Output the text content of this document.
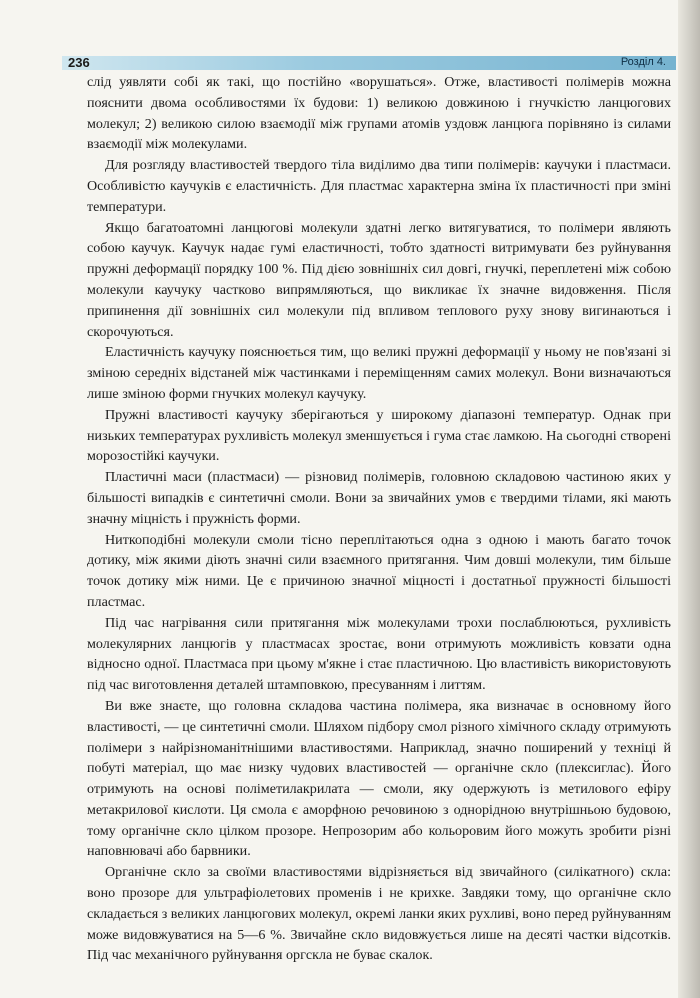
236	Розділ 4.

слід уявляти собі як такі, що постійно «ворушаться». Отже, властивості полімерів можна пояснити двома особливостями їх будови: 1) великою довжиною і гнучкістю ланцюгових молекул; 2) великою силою взаємодії між групами атомів уздовж ланцюга порівняно із силами взаємодії між молекулами.

Для розгляду властивостей твердого тіла виділимо два типи полімерів: каучуки і пластмаси. Особливістю каучуків є еластичність. Для пластмас характерна зміна їх пластичності при зміні температури.

Якщо багатоатомні ланцюгові молекули здатні легко витягуватися, то полімери являють собою каучук. Каучук надає гумі еластичності, тобто здатності витримувати без руйнування пружні деформації порядку 100 %. Під дією зовнішніх сил довгі, гнучкі, переплетені між собою молекули каучуку частково випрямляються, що викликає їх значне видовження. Після припинення дії зовнішніх сил молекули під впливом теплового руху знову вигинаються і скорочуються.

Еластичність каучуку пояснюється тим, що великі пружні деформації у ньому не пов'язані зі зміною середніх відстаней між частинками і переміщенням самих молекул. Вони визначаються лише зміною форми гнучких молекул каучуку.

Пружні властивості каучуку зберігаються у широкому діапазоні температур. Однак при низьких температурах рухливість молекул зменшується і гума стає ламкою. На сьогодні створені морозостійкі каучуки.

Пластичні маси (пластмаси) — різновид полімерів, головною складовою частиною яких у більшості випадків є синтетичні смоли. Вони за звичайних умов є твердими тілами, які мають значну міцність і пружність форми.

Ниткоподібні молекули смоли тісно переплітаються одна з одною і мають багато точок дотику, між якими діють значні сили взаємного притягання. Чим довші молекули, тим більше точок дотику між ними. Це є причиною значної міцності і достатньої пружності більшості пластмас.

Під час нагрівання сили притягання між молекулами трохи послаблюються, рухливість молекулярних ланцюгів у пластмасах зростає, вони отримують можливість ковзати одна відносно одної. Пластмаса при цьому м'якне і стає пластичною. Цю властивість використовують під час виготовлення деталей штамповкою, пресуванням і литтям.

Ви вже знаєте, що головна складова частина полімера, яка визначає в основному його властивості, — це синтетичні смоли. Шляхом підбору смол різного хімічного складу отримують полімери з найрізноманітнішими властивостями. Наприклад, значно поширений у техніці й побуті матеріал, що має низку чудових властивостей — органічне скло (плексиглас). Його отримують на основі поліметилакрилата — смоли, яку одержують із метилового ефіру метакрилової кислоти. Ця смола є аморфною речовиною з однорідною внутрішньою будовою, тому органічне скло цілком прозоре. Непрозорим або кольоровим його можуть зробити різні наповнювачі або барвники.

Органічне скло за своїми властивостями відрізняється від звичайного (силікатного) скла: воно прозоре для ультрафіолетових променів і не крихке. Завдяки тому, що органічне скло складається з великих ланцюгових молекул, окремі ланки яких рухливі, воно перед руйнуванням може видовжуватися на 5—6 %. Звичайне скло видовжується лише на десяті частки відсотків. Під час механічного руйнування оргскла не буває скалок.
